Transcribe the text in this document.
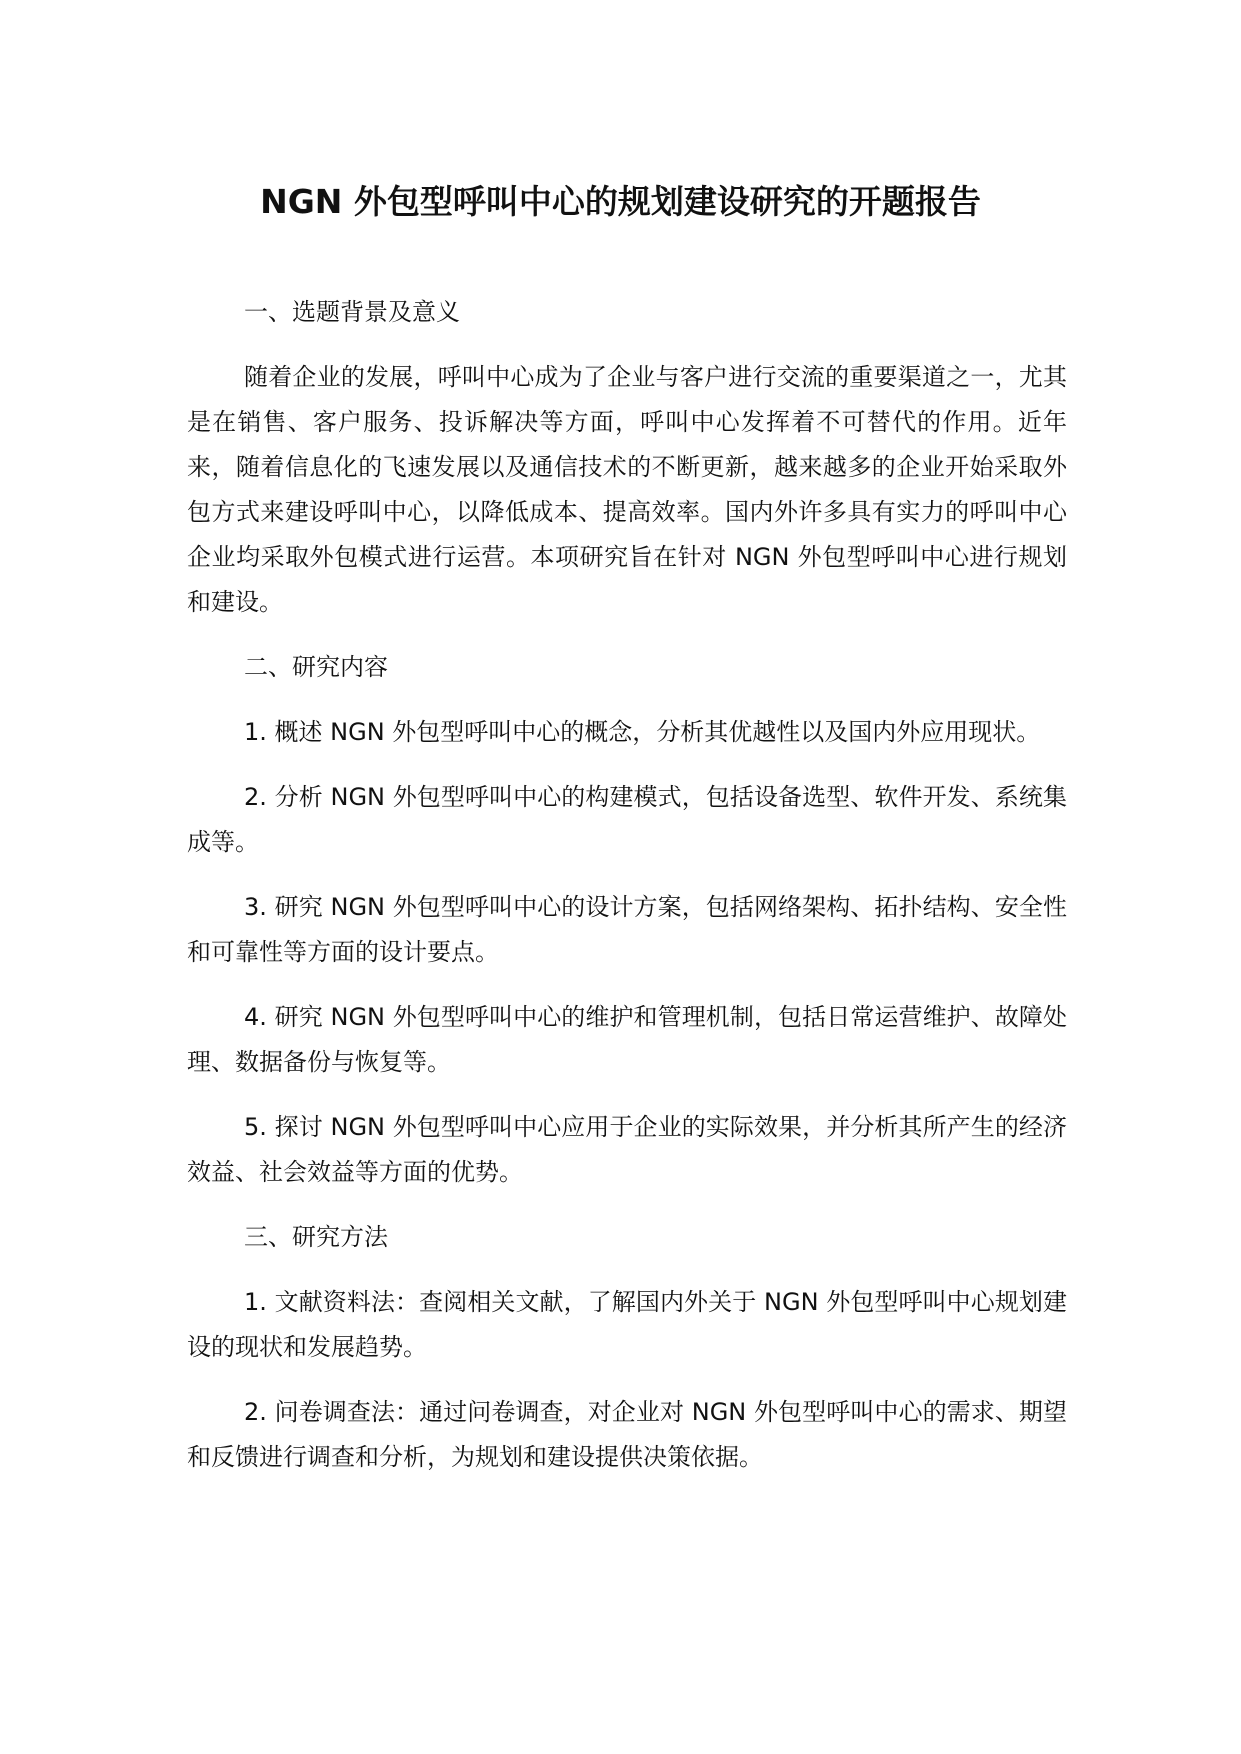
NGN 外包型呼叫中心的规划建设研究的开题报告

一、选题背景及意义

随着企业的发展，呼叫中心成为了企业与客户进行交流的重要渠道之一，尤其是在销售、客户服务、投诉解决等方面，呼叫中心发挥着不可替代的作用。近年来，随着信息化的飞速发展以及通信技术的不断更新，越来越多的企业开始采取外包方式来建设呼叫中心，以降低成本、提高效率。国内外许多具有实力的呼叫中心企业均采取外包模式进行运营。本项研究旨在针对 NGN 外包型呼叫中心进行规划和建设。

二、研究内容

1. 概述 NGN 外包型呼叫中心的概念，分析其优越性以及国内外应用现状。

2. 分析 NGN 外包型呼叫中心的构建模式，包括设备选型、软件开发、系统集成等。

3. 研究 NGN 外包型呼叫中心的设计方案，包括网络架构、拓扑结构、安全性和可靠性等方面的设计要点。

4. 研究 NGN 外包型呼叫中心的维护和管理机制，包括日常运营维护、故障处理、数据备份与恢复等。

5. 探讨 NGN 外包型呼叫中心应用于企业的实际效果，并分析其所产生的经济效益、社会效益等方面的优势。

三、研究方法

1. 文献资料法：查阅相关文献，了解国内外关于 NGN 外包型呼叫中心规划建设的现状和发展趋势。

2. 问卷调查法：通过问卷调查，对企业对 NGN 外包型呼叫中心的需求、期望和反馈进行调查和分析，为规划和建设提供决策依据。
